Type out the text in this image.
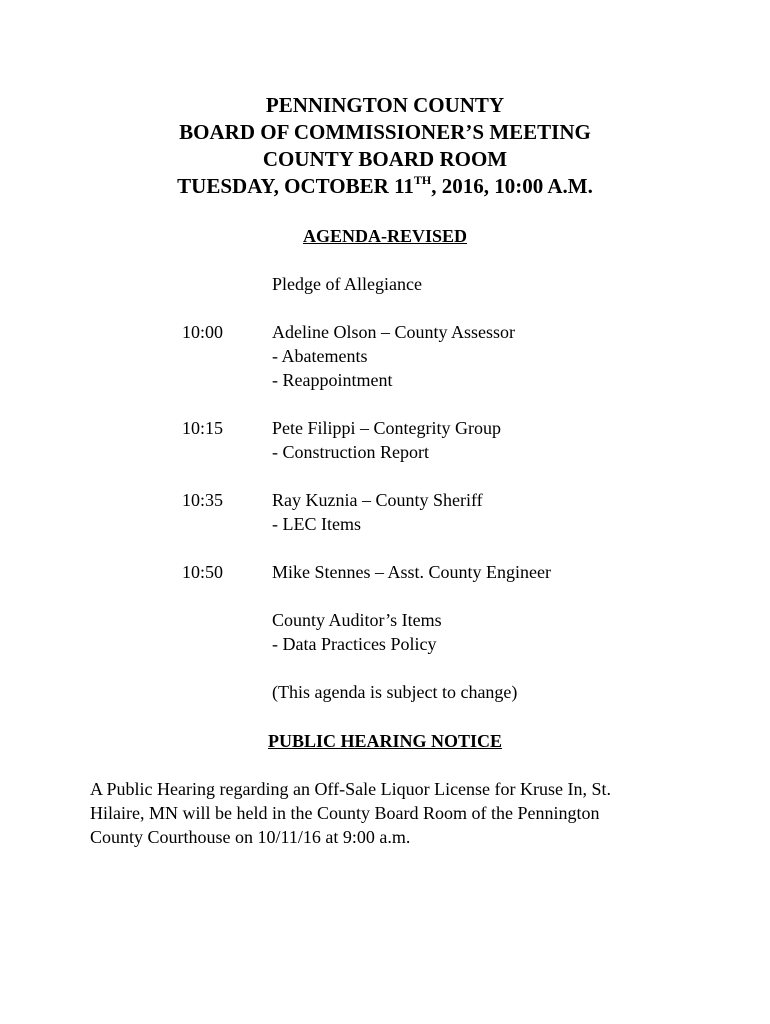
PENNINGTON COUNTY
BOARD OF COMMISSIONER’S MEETING
COUNTY BOARD ROOM
TUESDAY, OCTOBER 11TH, 2016, 10:00 A.M.
AGENDA-REVISED
Pledge of Allegiance
10:00	Adeline Olson – County Assessor
- Abatements
- Reappointment
10:15	Pete Filippi – Contegrity Group
- Construction Report
10:35	Ray Kuznia – County Sheriff
- LEC Items
10:50	Mike Stennes – Asst. County Engineer
County Auditor’s Items
- Data Practices Policy
(This agenda is subject to change)
PUBLIC HEARING NOTICE
A Public Hearing regarding an Off-Sale Liquor License for Kruse In, St.
Hilaire, MN will be held in the County Board Room of the Pennington
County Courthouse on 10/11/16 at 9:00 a.m.
